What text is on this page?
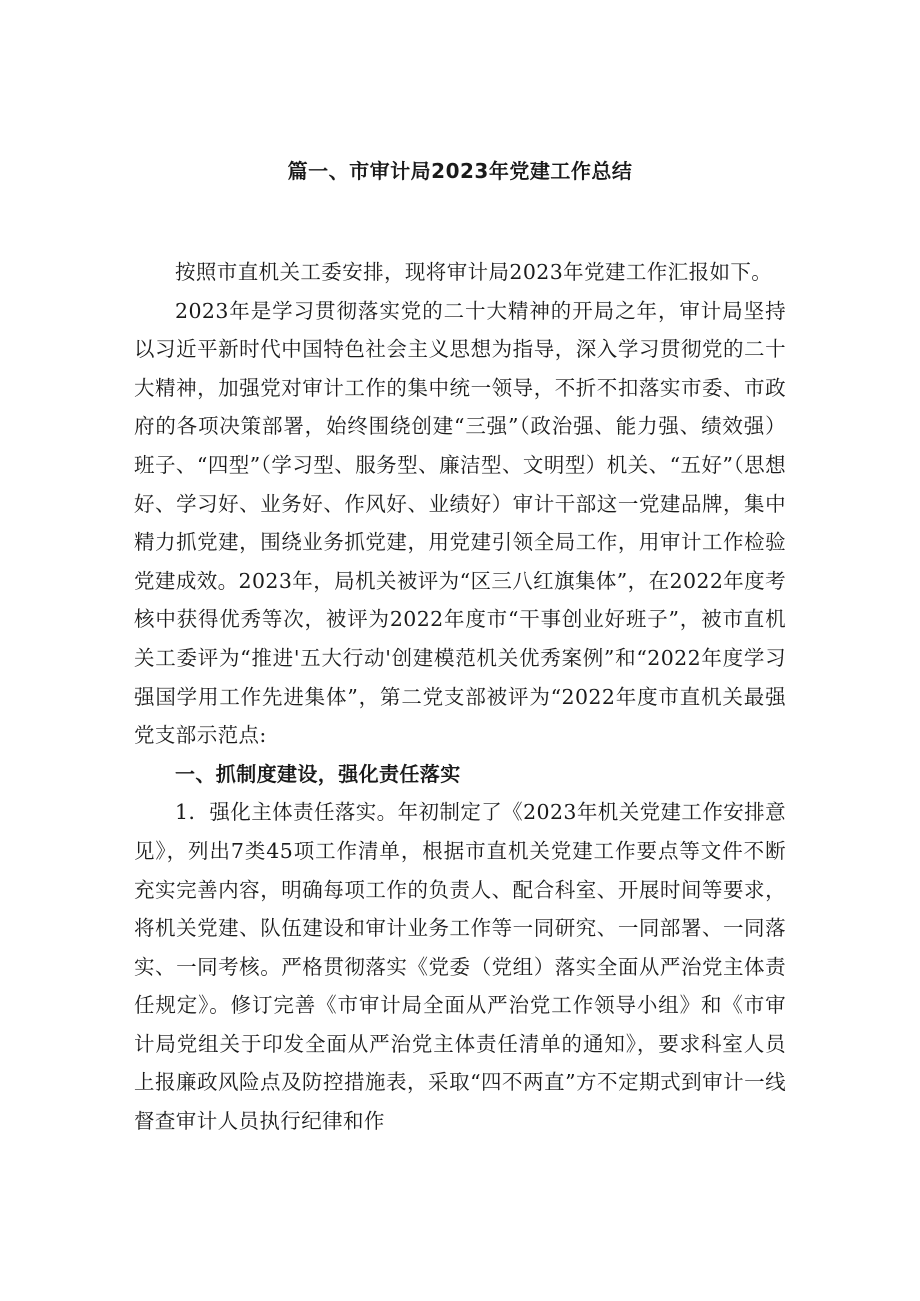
篇一、市审计局2023年党建工作总结

按照市直机关工委安排，现将审计局2023年党建工作汇报如下。

2023年是学习贯彻落实党的二十大精神的开局之年，审计局坚持以习近平新时代中国特色社会主义思想为指导，深入学习贯彻党的二十大精神，加强党对审计工作的集中统一领导，不折不扣落实市委、市政府的各项决策部署，始终围绕创建“三强”（政治强、能力强、绩效强）班子、“四型”（学习型、服务型、廉洁型、文明型）机关、“五好”（思想好、学习好、业务好、作风好、业绩好）审计干部这一党建品牌，集中精力抓党建，围绕业务抓党建，用党建引领全局工作，用审计工作检验党建成效。2023年，局机关被评为“区三八红旗集体”，在2022年度考核中获得优秀等次，被评为2022年度市“干事创业好班子”，被市直机关工委评为“推进'五大行动'创建模范机关优秀案例”和“2022年度学习强国学用工作先进集体”，第二党支部被评为“2022年度市直机关最强党支部示范点:

一、抓制度建设，强化责任落实

1．强化主体责任落实。年初制定了《2023年机关党建工作安排意见》，列出7类45项工作清单，根据市直机关党建工作要点等文件不断充实完善内容，明确每项工作的负责人、配合科室、开展时间等要求，将机关党建、队伍建设和审计业务工作等一同研究、一同部署、一同落实、一同考核。严格贯彻落实《党委（党组）落实全面从严治党主体责任规定》。修订完善《市审计局全面从严治党工作领导小组》和《市审计局党组关于印发全面从严治党主体责任清单的通知》，要求科室人员上报廉政风险点及防控措施表，采取“四不两直”方不定期式到审计一线督查审计人员执行纪律和作
